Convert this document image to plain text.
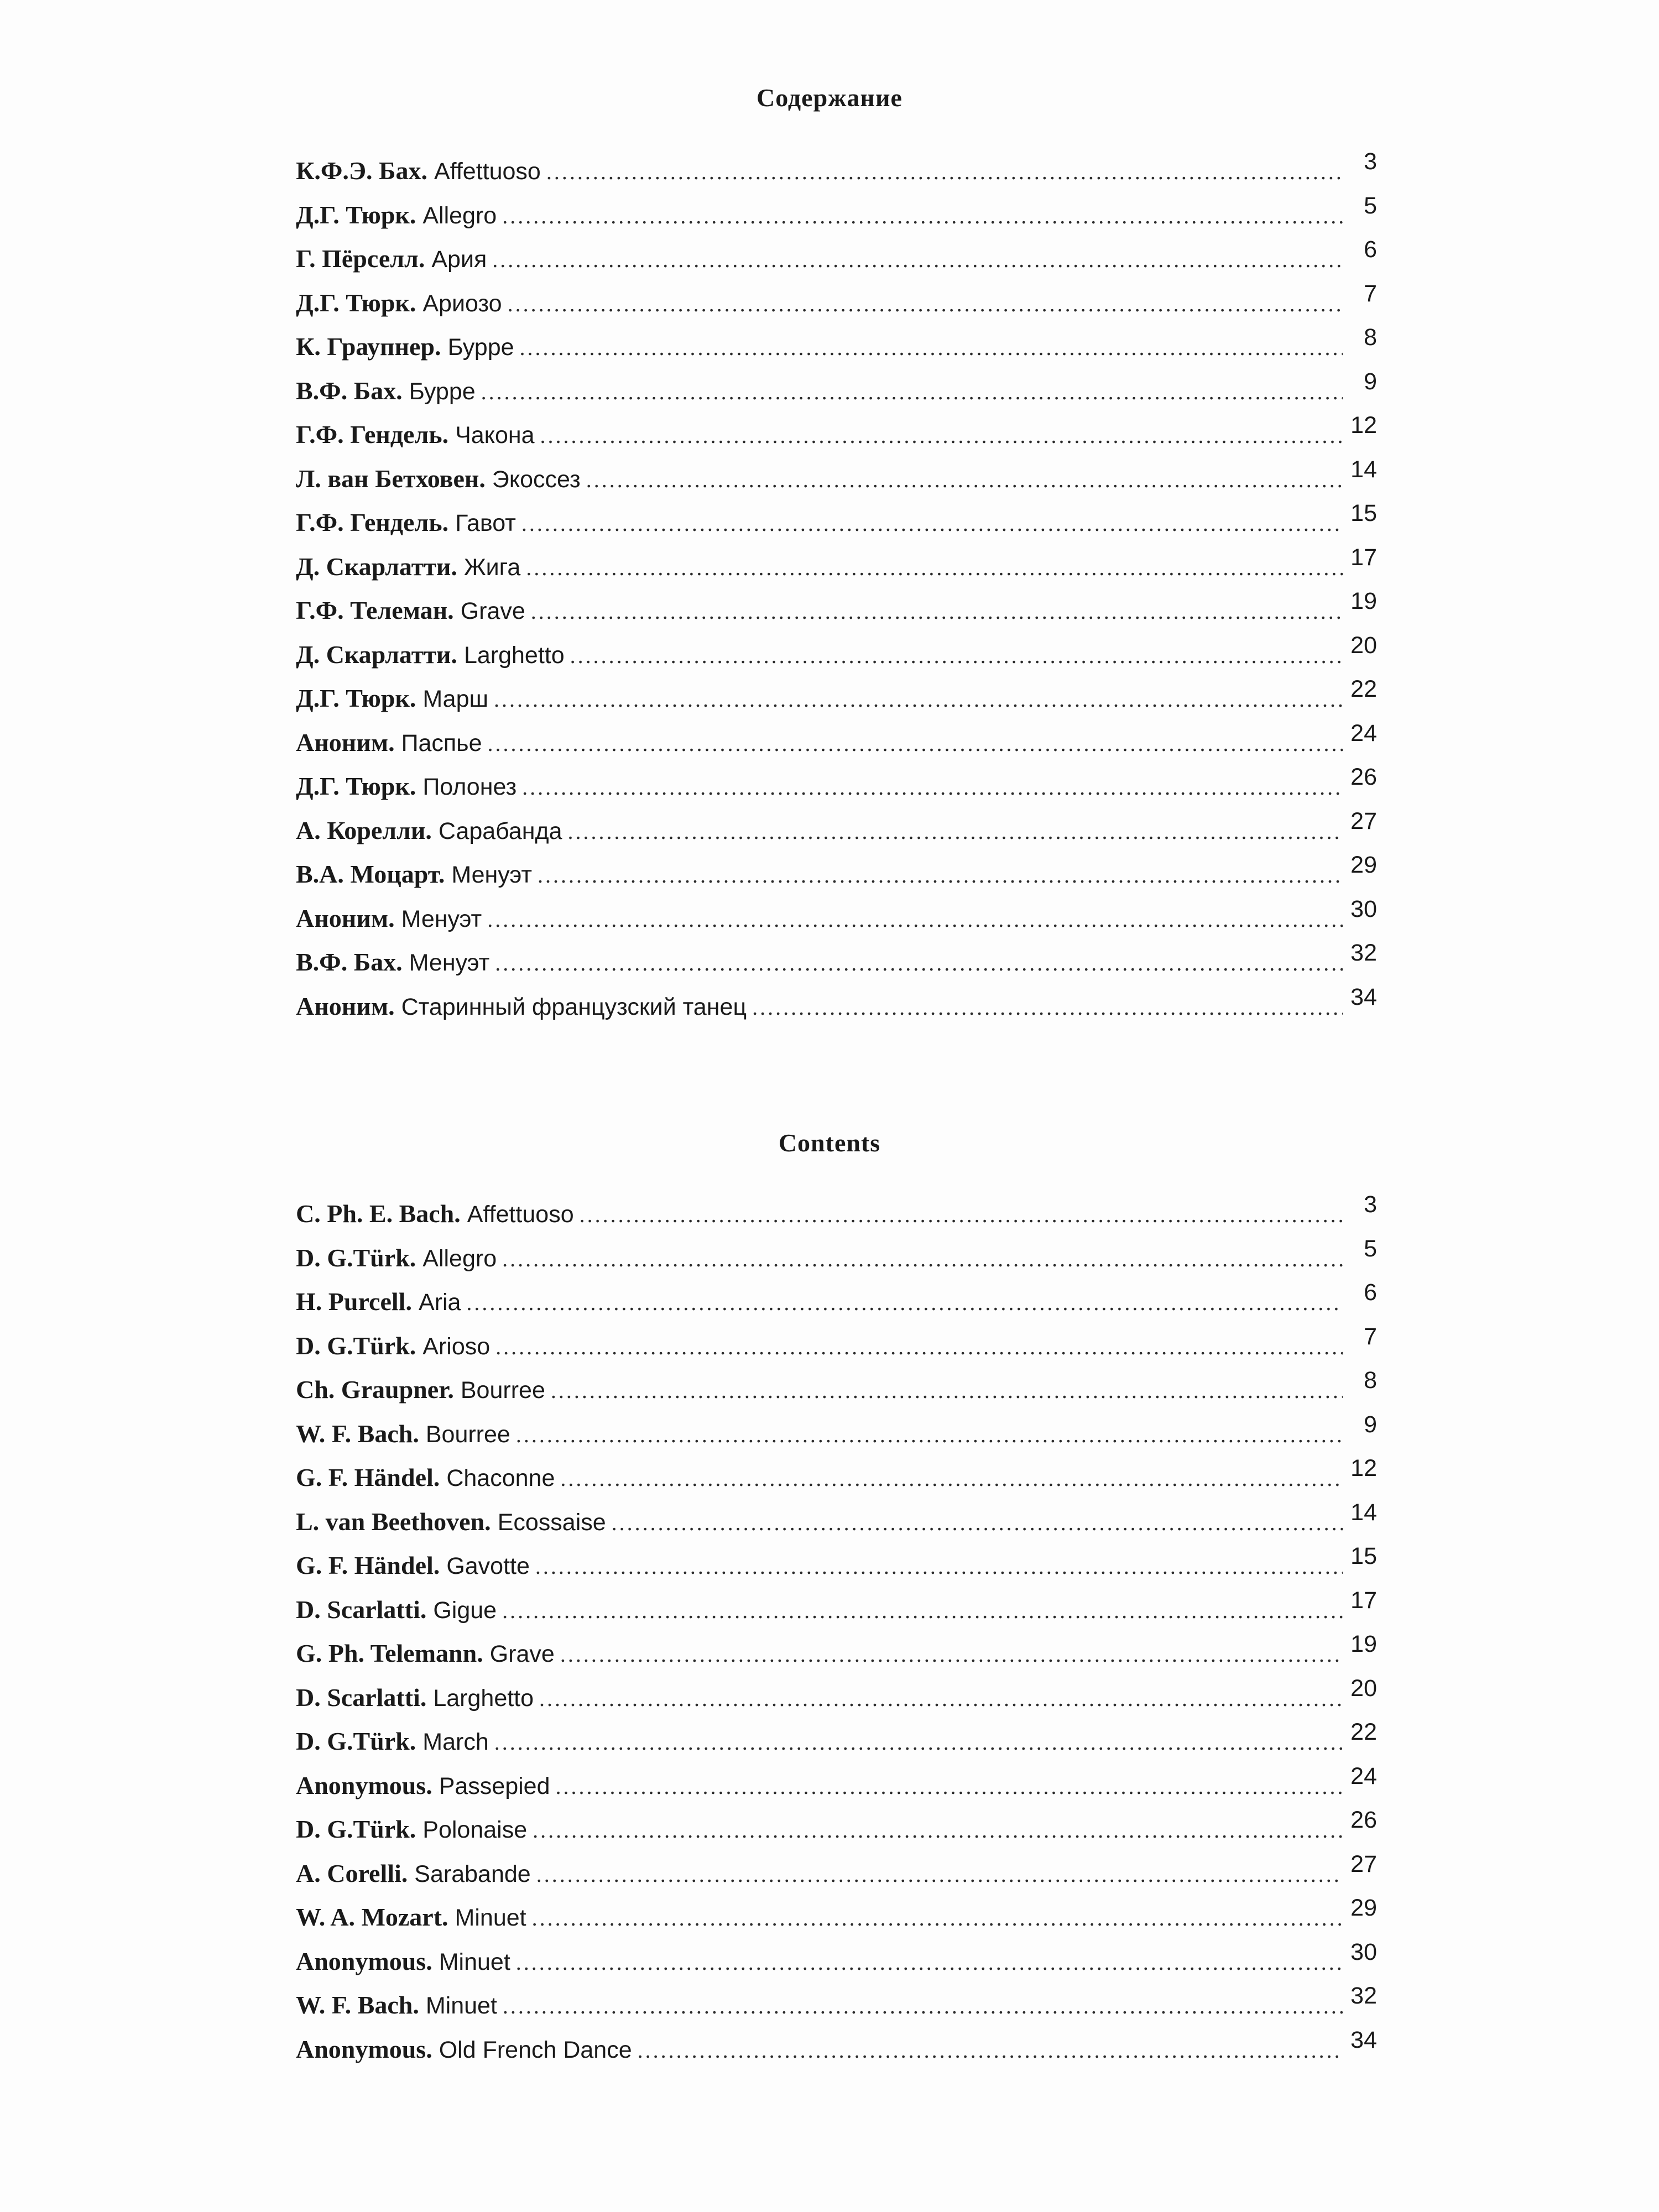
Содержание
К.Ф.Э. Бах. Affettuoso .....	3
Д.Г. Тюрк. Allegro .....	5
Г. Пёрселл. Ария .....	6
Д.Г. Тюрк. Ариозо .....	7
К. Граупнер. Бурре .....	8
В.Ф. Бах. Бурре .....	9
Г.Ф. Гендель. Чакона .....	12
Л. ван Бетховен. Экоссез .....	14
Г.Ф. Гендель. Гавот .....	15
Д. Скарлатти. Жига .....	17
Г.Ф. Телеман. Grave .....	19
Д. Скарлатти. Larghetto .....	20
Д.Г. Тюрк. Марш .....	22
Аноним. Паспье .....	24
Д.Г. Тюрк. Полонез .....	26
А. Корелли. Сарабанда .....	27
В.А. Моцарт. Менуэт .....	29
Аноним. Менуэт .....	30
В.Ф. Бах. Менуэт .....	32
Аноним. Старинный французский танец .....	34
Contents
C. Ph. E. Bach. Affettuoso .....	3
D. G.Türk. Allegro .....	5
H. Purcell. Aria .....	6
D. G.Türk. Arioso .....	7
Ch. Graupner. Bourree .....	8
W. F. Bach. Bourree .....	9
G. F. Händel. Chaconne .....	12
L. van Beethoven. Ecossaise .....	14
G. F. Händel. Gavotte .....	15
D. Scarlatti. Gigue .....	17
G. Ph. Telemann. Grave .....	19
D. Scarlatti. Larghetto .....	20
D. G.Türk. March .....	22
Anonymous. Passepied .....	24
D. G.Türk. Polonaise .....	26
A. Corelli. Sarabande .....	27
W. A. Mozart. Minuet .....	29
Anonymous. Minuet .....	30
W. F. Bach. Minuet .....	32
Anonymous. Old French Dance .....	34
